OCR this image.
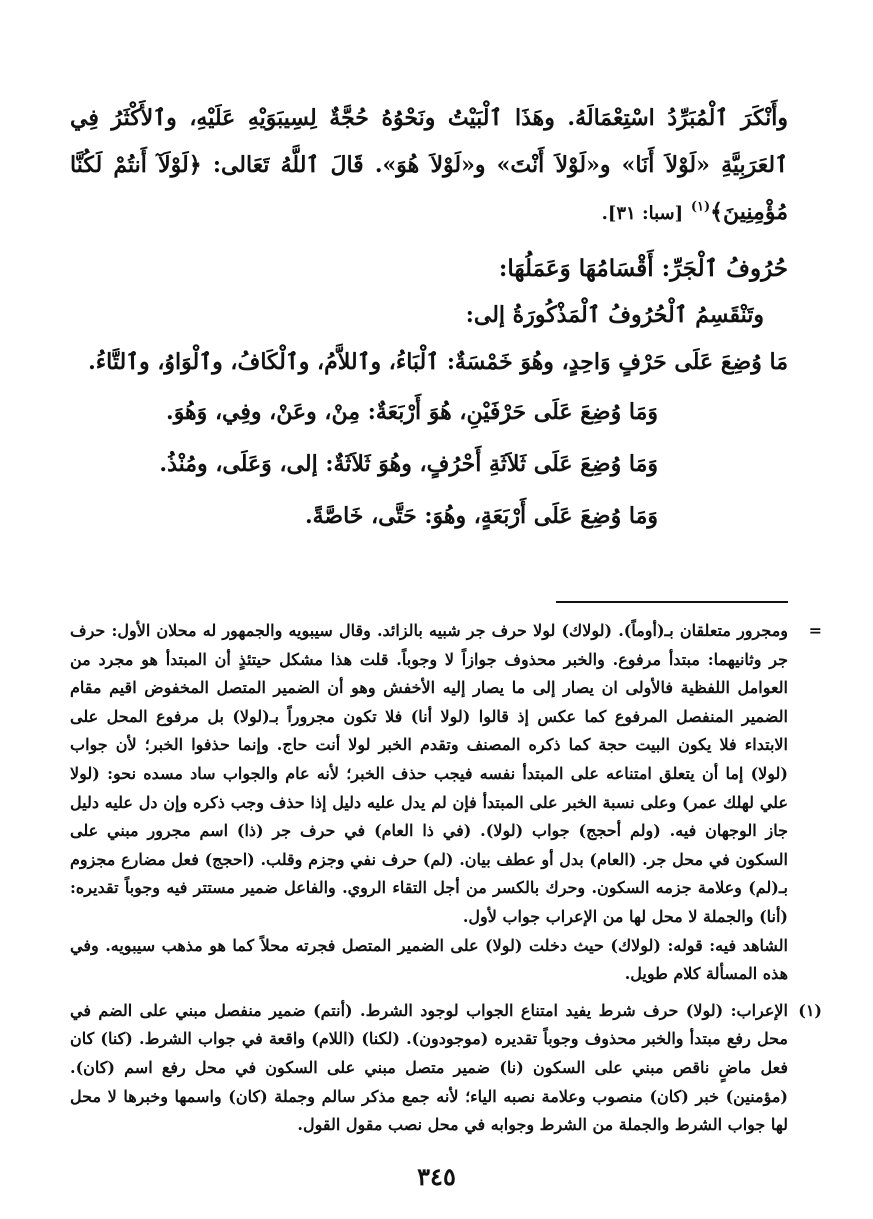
وأَنْكَرَ ٱلْمُبَرِّدُ اسْتِعْمَالَهُ. وهَذَا ٱلْبَيْتُ ونَحْوُهُ حُجَّةٌ لِسِيبَوَيْهِ عَلَيْهِ، وٱلأَكْثَرُ فِي ٱلعَرَبِيَّةِ «لَوْلاَ أَنَا» و«لَوْلاَ أَنْتَ» و«لَوْلاَ هُوَ». قَالَ ٱللَّهُ تَعَالى: ﴿لَوْلَآ أَنتُمْ لَكُنَّا مُؤْمِنِينَ﴾$^{(١)}$ [سبا: ٣١].

حُرُوفُ ٱلْجَرِّ: أَقْسَامُهَا وَعَمَلُهَا:

وتَنْقَسِمُ ٱلْحُرُوفُ ٱلْمَذْكُورَةُ إلى:

مَا وُضِعَ عَلَى حَرْفٍ وَاحِدٍ، وهُوَ خَمْسَةٌ: ٱلْبَاءُ، وٱللاَّمُ، وٱلْكَافُ، وٱلْوَاوُ، وٱلتَّاءُ.

وَمَا وُضِعَ عَلَى حَرْفَيْنِ، هُوَ أَرْبَعَةٌ: مِنْ، وعَنْ، وفِي، وَهُوَ.

وَمَا وُضِعَ عَلَى ثَلاَثَةِ أَحْرُفٍ، وهُوَ ثَلاَثَةٌ: إلى، وَعَلَى، ومُنْذُ.

وَمَا وُضِعَ عَلَى أَرْبَعَةٍ، وهُوَ: حَتَّى، خَاصَّةً.

=
ومجرور متعلقان بـ(أوماً). (لولاك) لولا حرف جر شبيه بالزائد. وقال سيبويه والجمهور له محلان الأول: حرف جر وثانيهما: مبتدأ مرفوع. والخبر محذوف جوازاً لا وجوباً. قلت هذا مشكل حيتئذٍ أن المبتدأ هو مجرد من العوامل اللفظية فالأولى ان يصار إلى ما يصار إليه الأخفش وهو أن الضمير المتصل المخفوض اقيم مقام الضمير المنفصل المرفوع كما عكس إذ قالوا (لولا أنا) فلا تكون مجروراً بـ(لولا) بل مرفوع المحل على الابتداء فلا يكون البيت حجة كما ذكره المصنف وتقدم الخبر لولا أنت حاج. وإنما حذفوا الخبر؛ لأن جواب (لولا) إما أن يتعلق امتناعه على المبتدأ نفسه فيجب حذف الخبر؛ لأنه عام والجواب ساد مسده نحو: (لولا علي لهلك عمر) وعلى نسبة الخبر على المبتدأ فإن لم يدل عليه دليل إذا حذف وجب ذكره وإن دل عليه دليل جاز الوجهان فيه. (ولم أحجج) جواب (لولا). (في ذا العام) في حرف جر (ذا) اسم مجرور مبني على السكون في محل جر. (العام) بدل أو عطف بيان. (لم) حرف نفي وجزم وقلب. (احجج) فعل مضارع مجزوم بـ(لم) وعلامة جزمه السكون. وحرك بالكسر من أجل التقاء الروي. والفاعل ضمير مستتر فيه وجوباً تقديره: (أنا) والجملة لا محل لها من الإعراب جواب لأول.
الشاهد فيه: قوله: (لولاك) حيث دخلت (لولا) على الضمير المتصل فجرته محلاً كما هو مذهب سيبويه. وفي هذه المسألة كلام طويل.
(١)
الإعراب: (لولا) حرف شرط يفيد امتناع الجواب لوجود الشرط. (أنتم) ضمير منفصل مبني على الضم في محل رفع مبتدأ والخبر محذوف وجوباً تقديره (موجودون). (لكنا) (اللام) واقعة في جواب الشرط. (كنا) كان فعل ماضٍ ناقص مبني على السكون (نا) ضمير متصل مبني على السكون في محل رفع اسم (كان). (مؤمنين) خبر (كان) منصوب وعلامة نصبه الياء؛ لأنه جمع مذكر سالم وجملة (كان) واسمها وخبرها لا محل لها جواب الشرط والجملة من الشرط وجوابه في محل نصب مقول القول.
٣٤٥
